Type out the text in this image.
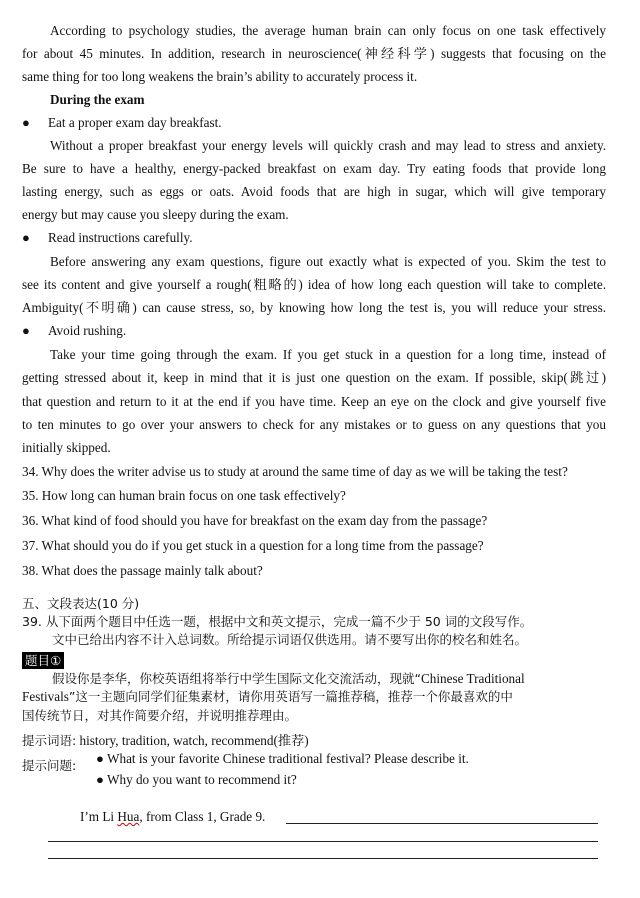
According to psychology studies, the average human brain can only focus on one task effectively
for about 45 minutes. In addition, research in neuroscience(神经科学) suggests that focusing on the
same thing for too long weakens the brain’s ability to accurately process it.
During the exam
● Eat a proper exam day breakfast.
Without a proper breakfast your energy levels will quickly crash and may lead to stress and anxiety.
Be sure to have a healthy, energy-packed breakfast on exam day. Try eating foods that provide long
lasting energy, such as eggs or oats. Avoid foods that are high in sugar, which will give temporary
energy but may cause you sleepy during the exam.
● Read instructions carefully.
Before answering any exam questions, figure out exactly what is expected of you. Skim the test to
see its content and give yourself a rough(粗略的) idea of how long each question will take to complete.
Ambiguity(不明确) can cause stress, so, by knowing how long the test is, you will reduce your stress.
● Avoid rushing.
Take your time going through the exam. If you get stuck in a question for a long time, instead of
getting stressed about it, keep in mind that it is just one question on the exam. If possible, skip(跳过)
that question and return to it at the end if you have time. Keep an eye on the clock and give yourself five
to ten minutes to go over your answers to check for any mistakes or to guess on any questions that you
initially skipped.
34. Why does the writer advise us to study at around the same time of day as we will be taking the test?
35. How long can human brain focus on one task effectively?
36. What kind of food should you have for breakfast on the exam day from the passage?
37. What should you do if you get stuck in a question for a long time from the passage?
38. What does the passage mainly talk about?
五、文段表达(10 分)
39. 从下面两个题目中任选一题，根据中文和英文提示，完成一篇不少于 50 词的文段写作。
文中已给出内容不计入总词数。所给提示词语仅供选用。请不要写出你的校名和姓名。
题目①
假设你是李华，你校英语组将举行中学生国际文化交流活动，现就“Chinese Traditional
Festivals”这一主题向同学们征集素材，请你用英语写一篇推荐稿，推荐一个你最喜欢的中
国传统节日，对其作简要介绍，并说明推荐理由。
提示词语: history, tradition, watch, recommend(推荐)
提示问题: ● What is your favorite Chinese traditional festival? Please describe it.
● Why do you want to recommend it?
I’m Li Hua, from Class 1, Grade 9.
